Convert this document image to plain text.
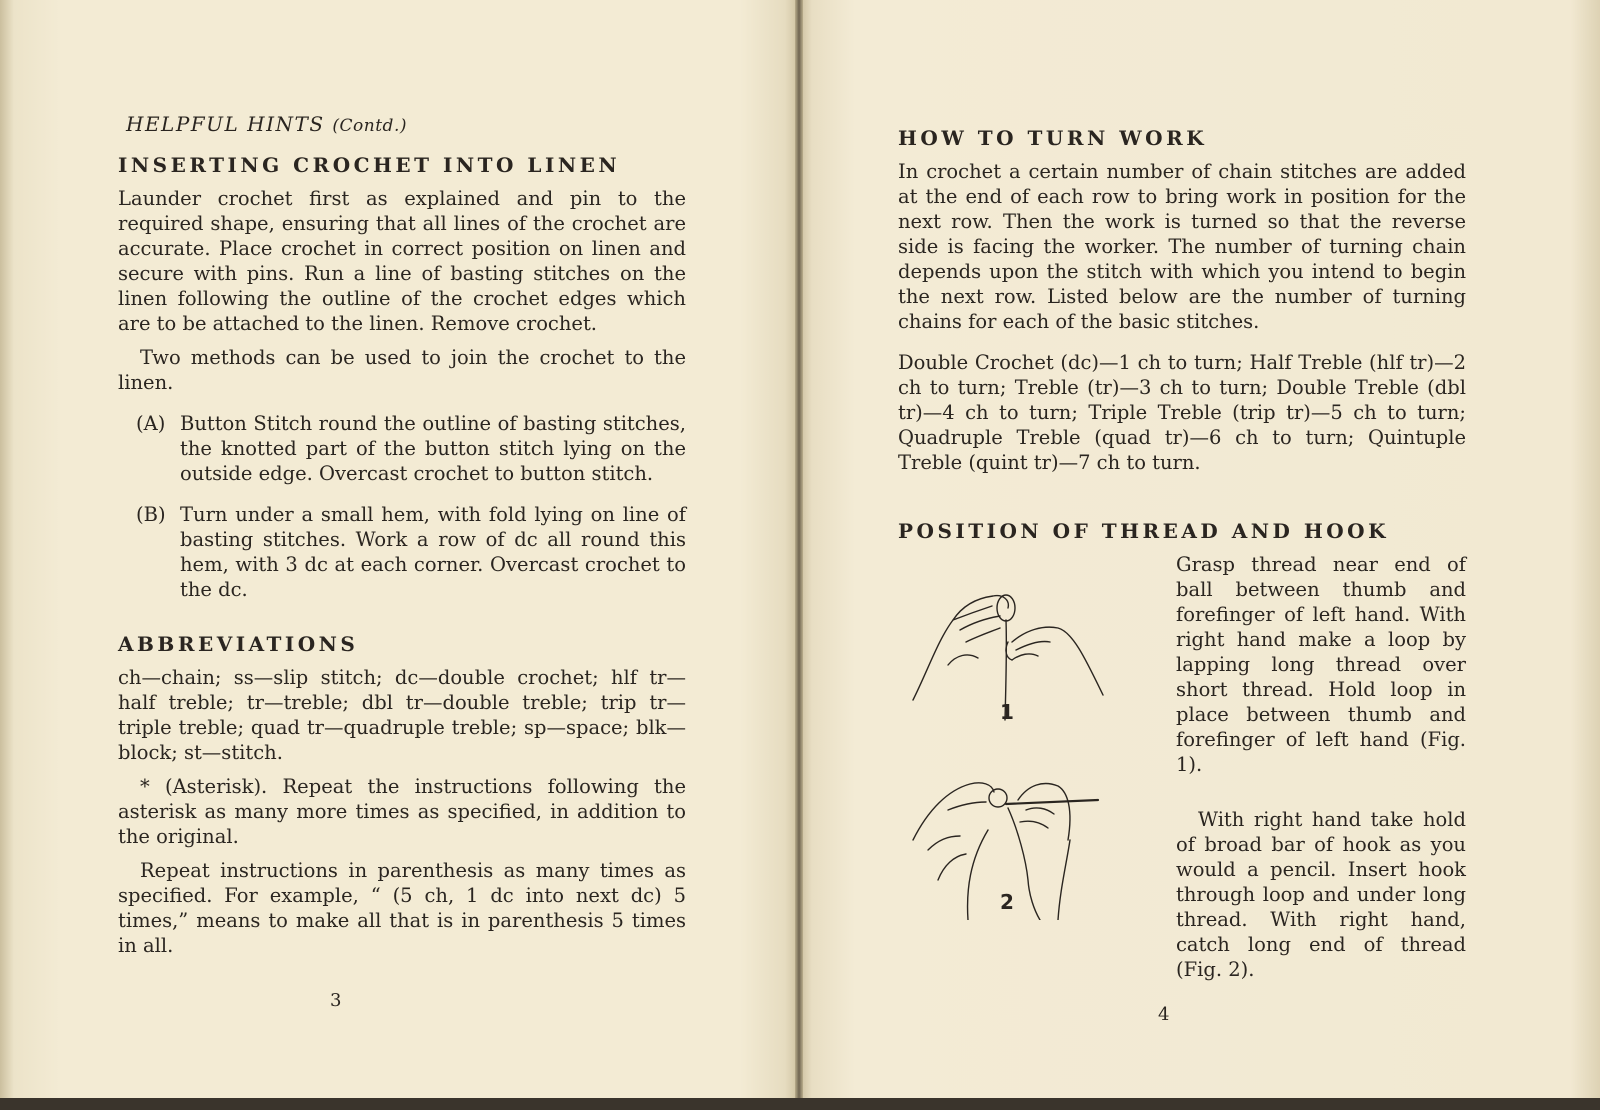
HELPFUL HINTS (Contd.)
INSERTING CROCHET INTO LINEN

Launder crochet first as explained and pin to the required shape, ensuring that all lines of the crochet are accurate. Place crochet in correct position on linen and secure with pins. Run a line of basting stitches on the linen following the outline of the crochet edges which are to be attached to the linen. Remove crochet.

Two methods can be used to join the crochet to the linen.

(A) Button Stitch round the outline of basting stitches, the knotted part of the button stitch lying on the outside edge. Overcast crochet to button stitch.
(B) Turn under a small hem, with fold lying on line of basting stitches. Work a row of dc all round this hem, with 3 dc at each corner. Overcast crochet to the dc.
ABBREVIATIONS

ch—chain; ss—slip stitch; dc—double crochet; hlf tr—half treble; tr—treble; dbl tr—double treble; trip tr—triple treble; quad tr—quadruple treble; sp—space; blk—block; st—stitch.

* (Asterisk). Repeat the instructions following the asterisk as many more times as specified, in addition to the original.

Repeat instructions in parenthesis as many times as specified. For example, “ (5 ch, 1 dc into next dc) 5 times,” means to make all that is in parenthesis 5 times in all.

3
HOW TO TURN WORK

In crochet a certain number of chain stitches are added at the end of each row to bring work in position for the next row. Then the work is turned so that the reverse side is facing the worker. The number of turning chain depends upon the stitch with which you intend to begin the next row. Listed below are the number of turning chains for each of the basic stitches.

Double Crochet (dc)—1 ch to turn; Half Treble (hlf tr)—2 ch to turn; Treble (tr)—3 ch to turn; Double Treble (dbl tr)—4 ch to turn; Triple Treble (trip tr)—5 ch to turn; Quadruple Treble (quad tr)—6 ch to turn; Quintuple Treble (quint tr)—7 ch to turn.

POSITION OF THREAD AND HOOK
1
2

Grasp thread near end of ball between thumb and forefinger of left hand. With right hand make a loop by lapping long thread over short thread. Hold loop in place between thumb and forefinger of left hand (Fig. 1).

With right hand take hold of broad bar of hook as you would a pencil. Insert hook through loop and under long thread. With right hand, catch long end of thread (Fig. 2).

4
